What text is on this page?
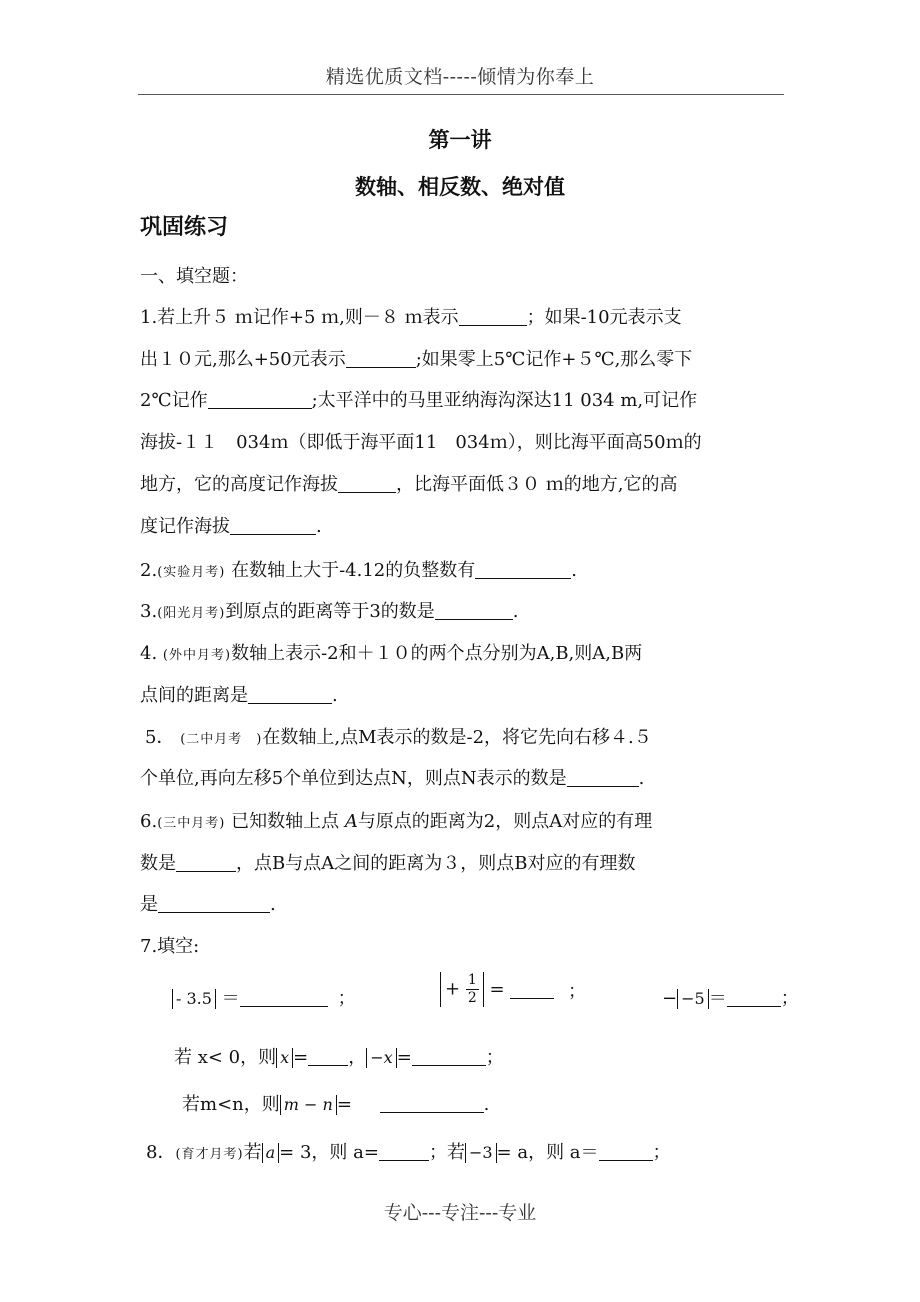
精选优质文档-----倾情为你奉上
第一讲
数轴、相反数、绝对值
巩固练习
一、填空题：
1.若上升５ ｍ记作+5 ｍ,则－８ ｍ表示	；如果-10元表示支
出１０元,那么+50元表示	;如果零上5℃记作+５℃,那么零下
2℃记作	;太平洋中的马里亚纳海沟深达11 034 m,可记作
海拔-１１　034ｍ（即低于海平面11　034ｍ），则比海平面高50ｍ的
地方，它的高度记作海拔	，比海平面低３０ ｍ的地方,它的高
度记作海拔	.
2.(实验月考) 在数轴上大于-4.12的负整数有	.
3.(阳光月考)到原点的距离等于3的数是	.
4. (外中月考)数轴上表示-2和＋１０的两个点分别为A,B,则A,B两
点间的距离是	.
5． (二中月考　)在数轴上,点M表示的数是-2，将它先向右移４.５
个单位,再向左移5个单位到达点N，则点N表示的数是	.
6.(三中月考) 已知数轴上点 A与原点的距离为2，则点A对应的有理
数是	，点B与点A之间的距离为３，则点B对应的有理数
是	.
7.填空:
- 3.5 ＝	；	+ $\frac{1}{2}$ =	；	− −5 ＝	；
若 x< 0，则 x = ， −x =	；
若m<n，则 m − n =	.
8．(育才月考)若 a = 3，则 a=	；若 −3 = a，则 a＝	；
专心---专注---专业
